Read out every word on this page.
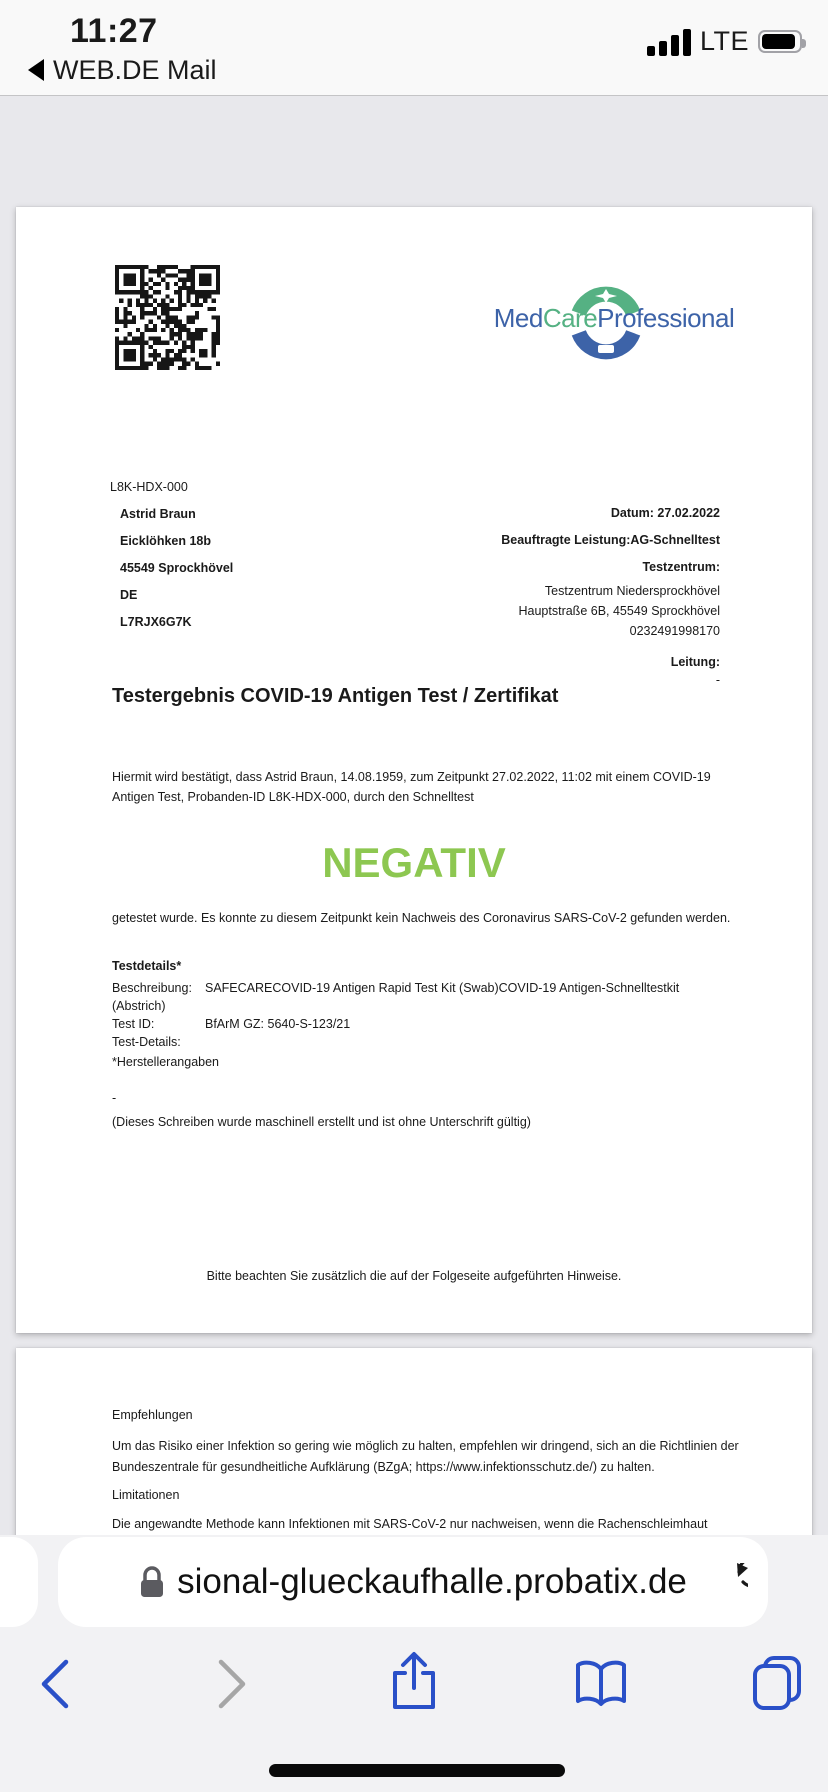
11:27
WEB.DE Mail
LTE
MedCareProfessional
L8K-HDX-000
Astrid Braun
Eicklöhken 18b
45549 Sprockhövel
DE
L7RJX6G7K
Datum: 27.02.2022
Beauftragte Leistung:AG-Schnelltest
Testzentrum:
Testzentrum Niedersprockhövel
Hauptstraße 6B, 45549 Sprockhövel
0232491998170
Leitung:
-
Testergebnis COVID-19 Antigen Test / Zertifikat
Hiermit wird bestätigt, dass Astrid Braun, 14.08.1959, zum Zeitpunkt 27.02.2022, 11:02 mit einem COVID-19
Antigen Test, Probanden-ID L8K-HDX-000, durch den Schnelltest
NEGATIV
getestet wurde. Es konnte zu diesem Zeitpunkt kein Nachweis des Coronavirus SARS-CoV-2 gefunden werden.
Testdetails*
Beschreibung:	SAFECARECOVID-19 Antigen Rapid Test Kit (Swab)COVID-19 Antigen-Schnelltestkit
(Abstrich)
Test ID:	BfArM GZ: 5640-S-123/21
Test-Details:
*Herstellerangaben
-
(Dieses Schreiben wurde maschinell erstellt und ist ohne Unterschrift gültig)
Bitte beachten Sie zusätzlich die auf der Folgeseite aufgeführten Hinweise.
Empfehlungen
Um das Risiko einer Infektion so gering wie möglich zu halten, empfehlen wir dringend, sich an die Richtlinien der
Bundeszentrale für gesundheitliche Aufklärung (BZgA; https://www.infektionsschutz.de/) zu halten.
Limitationen
Die angewandte Methode kann Infektionen mit SARS-CoV-2 nur nachweisen, wenn die Rachenschleimhaut
sional-glueckaufhalle.probatix.de
